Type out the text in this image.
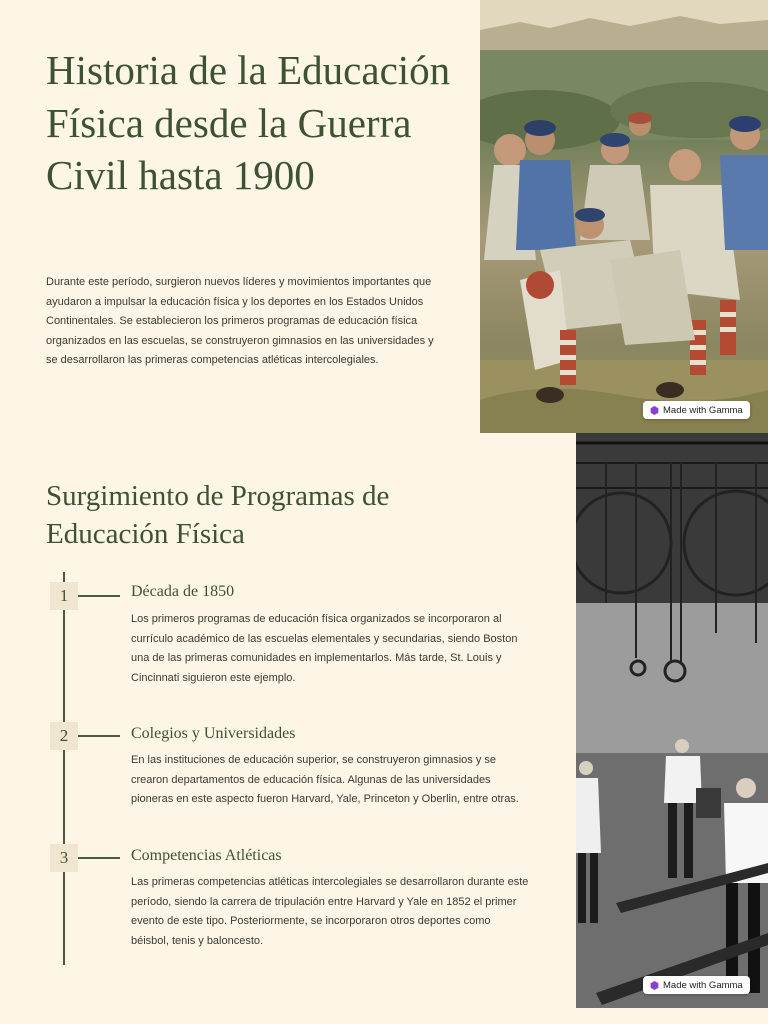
Historia de la Educación Física desde la Guerra Civil hasta 1900

Durante este período, surgieron nuevos líderes y movimientos importantes que ayudaron a impulsar la educación física y los deportes en los Estados Unidos Continentales. Se establecieron los primeros programas de educación física organizados en las escuelas, se construyeron gimnasios en las universidades y se desarrollaron las primeras competencias atléticas intercolegiales.

Surgimiento de Programas de Educación Física
1	Década de 1850

Los primeros programas de educación física organizados se incorporaron al currículo académico de las escuelas elementales y secundarias, siendo Boston una de las primeras comunidades en implementarlos. Más tarde, St. Louis y Cincinnati siguieron este ejemplo.

2	Colegios y Universidades

En las instituciones de educación superior, se construyeron gimnasios y se crearon departamentos de educación física. Algunas de las universidades pioneras en este aspecto fueron Harvard, Yale, Princeton y Oberlin, entre otras.

3	Competencias Atléticas

Las primeras competencias atléticas intercolegiales se desarrollaron durante este período, siendo la carrera de tripulación entre Harvard y Yale en 1852 el primer evento de este tipo. Posteriormente, se incorporaron otros deportes como béisbol, tenis y baloncesto.

Made with Gamma
Made with Gamma
